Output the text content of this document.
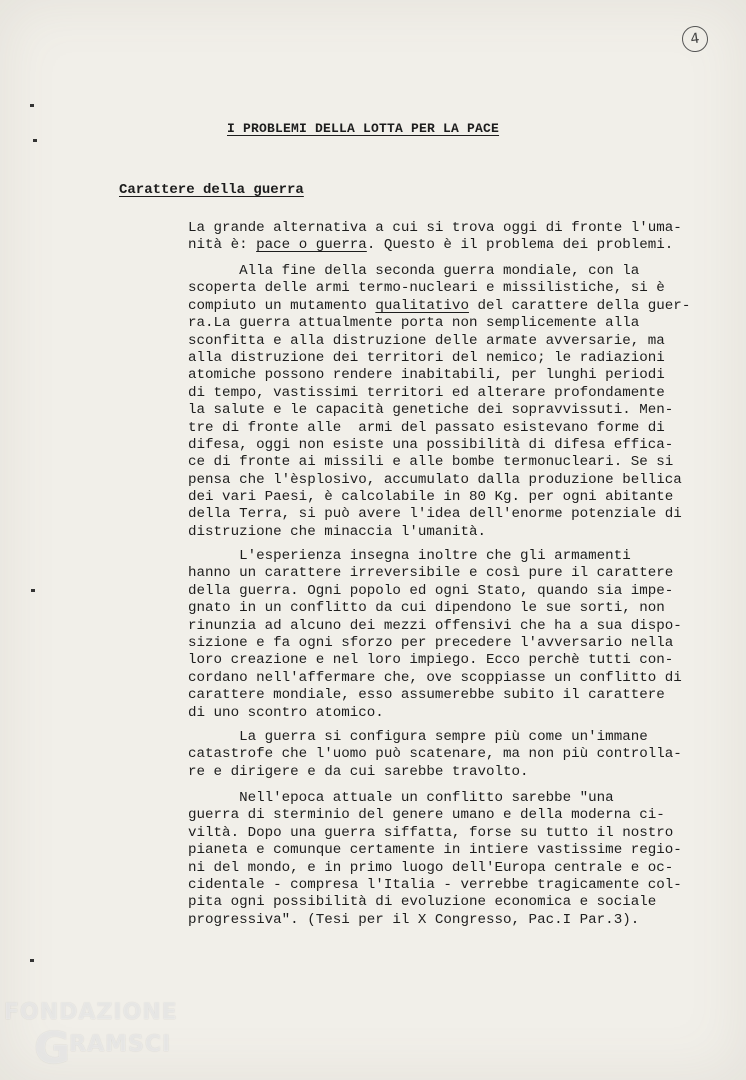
4
I PROBLEMI DELLA LOTTA PER LA PACE
Carattere della guerra
La grande alternativa a cui si trova oggi di fronte l'uma-
nità è: pace o guerra. Questo è il problema dei problemi.
Alla fine della seconda guerra mondiale, con la
scoperta delle armi termo-nucleari e missilistiche, si è
compiuto un mutamento qualitativo del carattere della guer-
ra.La guerra attualmente porta non semplicemente alla
sconfitta e alla distruzione delle armate avversarie, ma
alla distruzione dei territori del nemico; le radiazioni
atomiche possono rendere inabitabili, per lunghi periodi
di tempo, vastissimi territori ed alterare profondamente
la salute e le capacità genetiche dei sopravvissuti. Men-
tre di fronte alle  armi del passato esistevano forme di
difesa, oggi non esiste una possibilità di difesa effica-
ce di fronte ai missili e alle bombe termonucleari. Se si
pensa che l'èsplosivo, accumulato dalla produzione bellica
dei vari Paesi, è calcolabile in 80 Kg. per ogni abitante
della Terra, si può avere l'idea dell'enorme potenziale di
distruzione che minaccia l'umanità.
L'esperienza insegna inoltre che gli armamenti
hanno un carattere irreversibile e così pure il carattere
della guerra. Ogni popolo ed ogni Stato, quando sia impe-
gnato in un conflitto da cui dipendono le sue sorti, non
rinunzia ad alcuno dei mezzi offensivi che ha a sua dispo-
sizione e fa ogni sforzo per precedere l'avversario nella
loro creazione e nel loro impiego. Ecco perchè tutti con-
cordano nell'affermare che, ove scoppiasse un conflitto di
carattere mondiale, esso assumerebbe subito il carattere
di uno scontro atomico.
La guerra si configura sempre più come un'immane
catastrofe che l'uomo può scatenare, ma non più controlla-
re e dirigere e da cui sarebbe travolto.
Nell'epoca attuale un conflitto sarebbe "una
guerra di sterminio del genere umano e della moderna ci-
viltà. Dopo una guerra siffatta, forse su tutto il nostro
pianeta e comunque certamente in intiere vastissime regio-
ni del mondo, e in primo luogo dell'Europa centrale e oc-
cidentale - compresa l'Italia - verrebbe tragicamente col-
pita ogni possibilità di evoluzione economica e sociale
progressiva". (Tesi per il X Congresso, Pac.I Par.3).
FONDAZIONE
GRAMSCI
